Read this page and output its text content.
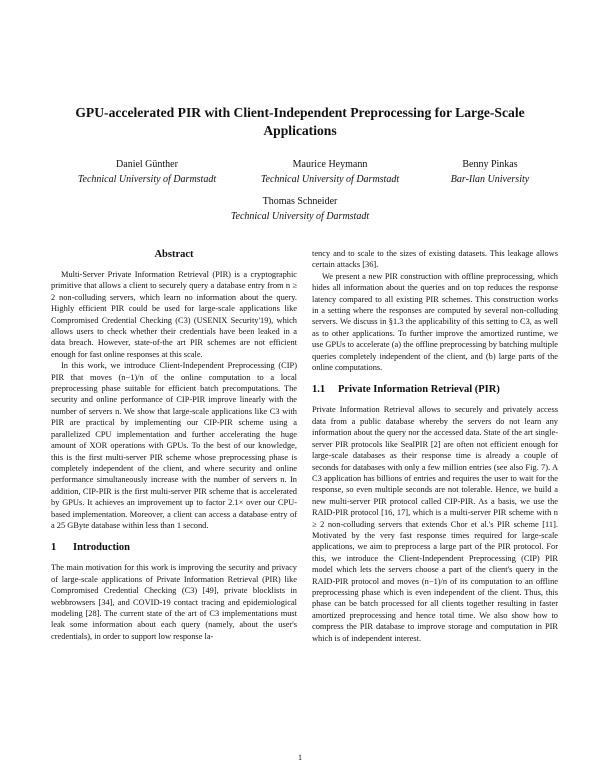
GPU-accelerated PIR with Client-Independent Preprocessing for Large-Scale
Applications
Daniel Günther
Technical University of Darmstadt
Maurice Heymann
Technical University of Darmstadt
Benny Pinkas
Bar-Ilan University
Thomas Schneider
Technical University of Darmstadt
Abstract

Multi-Server Private Information Retrieval (PIR) is a cryptographic primitive that allows a client to securely query a database entry from n ≥ 2 non-colluding servers, which learn no information about the query. Highly efficient PIR could be used for large-scale applications like Compromised Credential Checking (C3) (USENIX Security'19), which allows users to check whether their credentials have been leaked in a data breach. However, state-of-the art PIR schemes are not efficient enough for fast online responses at this scale.

In this work, we introduce Client-Independent Preprocessing (CIP) PIR that moves (n−1)/n of the online computation to a local preprocessing phase suitable for efficient batch precomputations. The security and online performance of CIP-PIR improve linearly with the number of servers n. We show that large-scale applications like C3 with PIR are practical by implementing our CIP-PIR scheme using a parallelized CPU implementation and further accelerating the huge amount of XOR operations with GPUs. To the best of our knowledge, this is the first multi-server PIR scheme whose preprocessing phase is completely independent of the client, and where security and online performance simultaneously increase with the number of servers n. In addition, CIP-PIR is the first multi-server PIR scheme that is accelerated by GPUs. It achieves an improvement up to factor 2.1× over our CPU-based implementation. Moreover, a client can access a database entry of a 25 GByte database within less than 1 second.

1 Introduction

The main motivation for this work is improving the security and privacy of large-scale applications of Private Information Retrieval (PIR) like Compromised Credential Checking (C3) [49], private blocklists in webbrowsers [34], and COVID-19 contact tracing and epidemiological modeling [28]. The current state of the art of C3 implementations must leak some information about each query (namely, about the user's credentials), in order to support low response la-

tency and to scale to the sizes of existing datasets. This leakage allows certain attacks [36].

We present a new PIR construction with offline preprocessing, which hides all information about the queries and on top reduces the response latency compared to all existing PIR schemes. This construction works in a setting where the responses are computed by several non-colluding servers. We discuss in §1.3 the applicability of this setting to C3, as well as to other applications. To further improve the amortized runtime, we use GPUs to accelerate (a) the offline preprocessing by batching multiple queries completely independent of the client, and (b) large parts of the online computations.

1.1 Private Information Retrieval (PIR)

Private Information Retrieval allows to securely and privately access data from a public database whereby the servers do not learn any information about the query nor the accessed data. State of the art single-server PIR protocols like SealPIR [2] are often not efficient enough for large-scale databases as their response time is already a couple of seconds for databases with only a few million entries (see also Fig. 7). A C3 application has billions of entries and requires the user to wait for the response, so even multiple seconds are not tolerable. Hence, we build a new multi-server PIR protocol called CIP-PIR. As a basis, we use the RAID-PIR protocol [16, 17], which is a multi-server PIR scheme with n ≥ 2 non-colluding servers that extends Chor et al.'s PIR scheme [11]. Motivated by the very fast response times required for large-scale applications, we aim to preprocess a large part of the PIR protocol. For this, we introduce the Client-Independent Preprocessing (CIP) PIR model which lets the servers choose a part of the client's query in the RAID-PIR protocol and moves (n−1)/n of its computation to an offline preprocessing phase which is even independent of the client. Thus, this phase can be batch processed for all clients together resulting in faster amortized preprocessing and hence total time. We also show how to compress the PIR database to improve storage and computation in PIR which is of independent interest.

1
